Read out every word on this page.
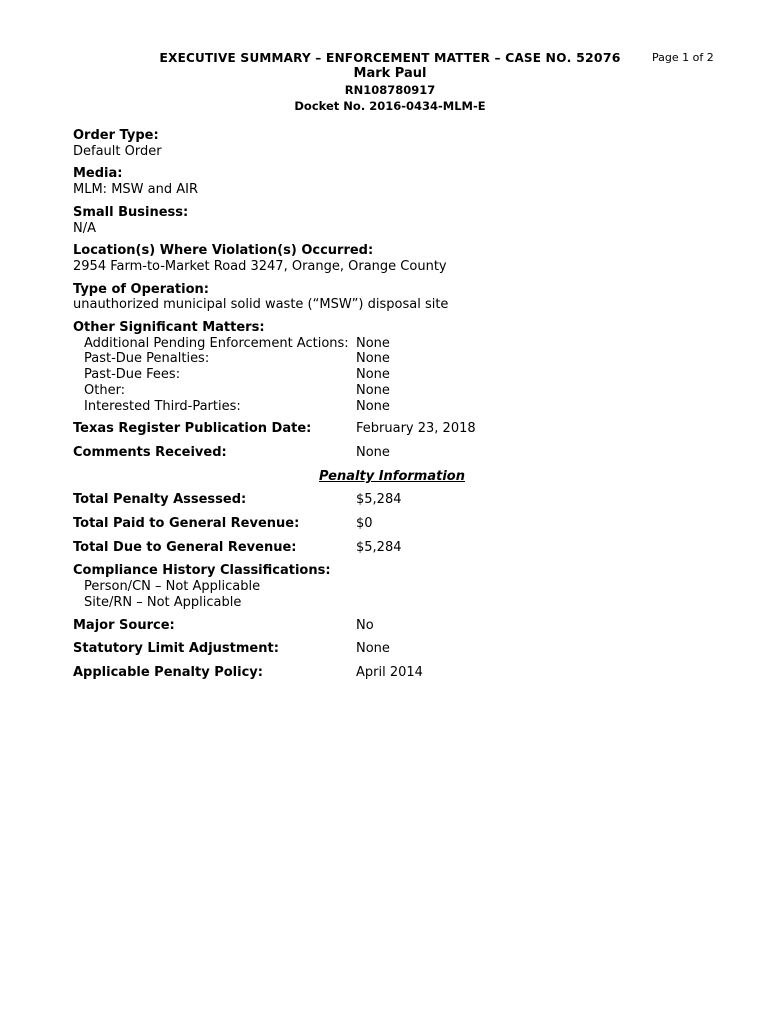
EXECUTIVE SUMMARY – ENFORCEMENT MATTER – CASE NO. 52076
Mark Paul
RN108780917
Docket No. 2016-0434-MLM-E
Page 1 of 2
Order Type:
Default Order
Media:
MLM: MSW and AIR
Small Business:
N/A
Location(s) Where Violation(s) Occurred:
2954 Farm-to-Market Road 3247, Orange, Orange County
Type of Operation:
unauthorized municipal solid waste (“MSW”) disposal site
Other Significant Matters:
Additional Pending Enforcement Actions: None
Past-Due Penalties:	None
Past-Due Fees:	None
Other:	None
Interested Third-Parties:	None
Texas Register Publication Date:	February 23, 2018
Comments Received:	None
Penalty Information
Total Penalty Assessed:	$5,284
Total Paid to General Revenue:	$0
Total Due to General Revenue:	$5,284
Compliance History Classifications:
Person/CN – Not Applicable
Site/RN – Not Applicable
Major Source:	No
Statutory Limit Adjustment:	None
Applicable Penalty Policy:	April 2014
